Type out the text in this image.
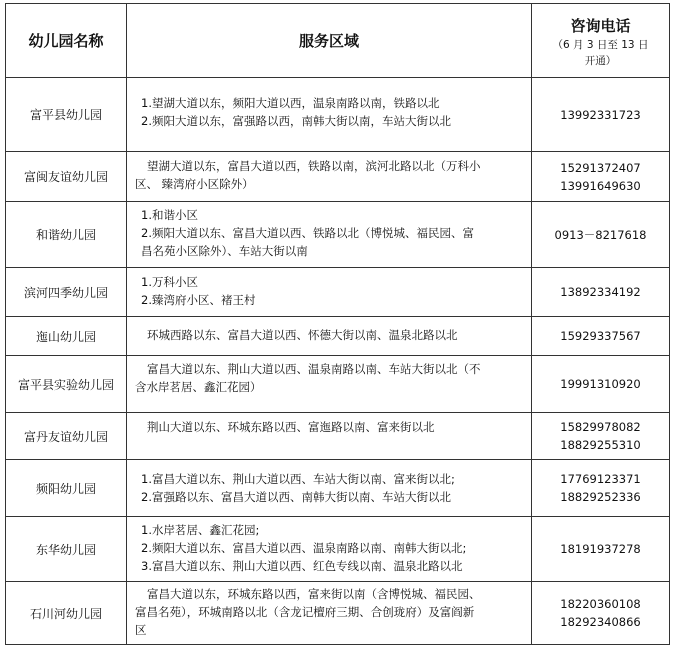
幼儿园名称	服务区域	咨询电话
（6 月 3 日至 13 日
开通）

富平县幼儿园	1.望湖大道以东，频阳大道以西，温泉南路以南，铁路以北
2.频阳大道以东，富强路以西，南韩大街以南，车站大街以北	13992331723

富闽友谊幼儿园	望湖大道以东，富昌大道以西，铁路以南，滨河北路以北（万科小
区、 臻湾府小区除外）	15291372407
13991649630

和谐幼儿园	1.和谐小区
2.频阳大道以东、富昌大道以西、铁路以北（博悦城、福民园、富
昌名苑小区除外）、车站大街以南	0913－8217618

滨河四季幼儿园	1.万科小区
2.臻湾府小区、褚王村	13892334192

迤山幼儿园	环城西路以东、富昌大道以西、怀德大街以南、温泉北路以北	15929337567

富平县实验幼儿园	富昌大道以东、荆山大道以西、温泉南路以南、车站大街以北（不
含水岸茗居、鑫汇花园）	19991310920

富丹友谊幼儿园	荆山大道以东、环城东路以西、富迤路以南、富来街以北	15829978082
18829255310

频阳幼儿园	1.富昌大道以东、荆山大道以西、车站大街以南、富来街以北;
2.富强路以东、富昌大道以西、南韩大街以南、车站大街以北	17769123371
18829252336

东华幼儿园	1.水岸茗居、鑫汇花园;
2.频阳大道以东、富昌大道以西、温泉南路以南、南韩大街以北;
3.富昌大道以东、荆山大道以西、红色专线以南、温泉北路以北	18191937278

石川河幼儿园	富昌大道以东，环城东路以西，富来街以南（含博悦城、福民园、
富昌名苑），环城南路以北（含龙记檀府三期、合创珑府）及富阎新
区	18220360108
18292340866
